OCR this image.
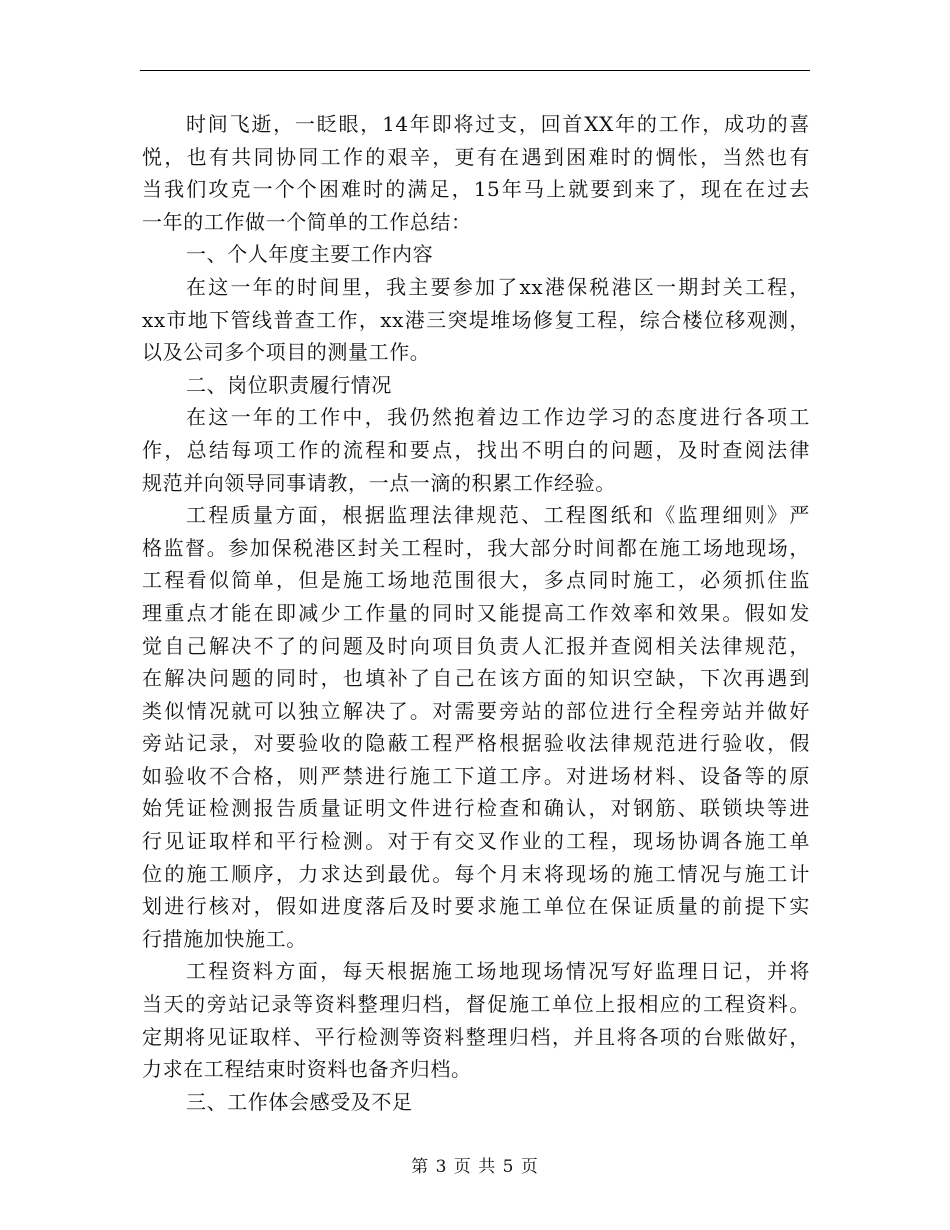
时间飞逝，一眨眼，14年即将过支，回首XX年的工作，成功的喜
悦，也有共同协同工作的艰辛，更有在遇到困难时的惆怅，当然也有
当我们攻克一个个困难时的满足，15年马上就要到来了，现在在过去
一年的工作做一个简单的工作总结：
一、个人年度主要工作内容
在这一年的时间里，我主要参加了xx港保税港区一期封关工程，
xx市地下管线普查工作，xx港三突堤堆场修复工程，综合楼位移观测，
以及公司多个项目的测量工作。
二、岗位职责履行情况
在这一年的工作中，我仍然抱着边工作边学习的态度进行各项工
作，总结每项工作的流程和要点，找出不明白的问题，及时查阅法律
规范并向领导同事请教，一点一滴的积累工作经验。
工程质量方面，根据监理法律规范、工程图纸和《监理细则》严
格监督。参加保税港区封关工程时，我大部分时间都在施工场地现场，
工程看似简单，但是施工场地范围很大，多点同时施工，必须抓住监
理重点才能在即减少工作量的同时又能提高工作效率和效果。假如发
觉自己解决不了的问题及时向项目负责人汇报并查阅相关法律规范，
在解决问题的同时，也填补了自己在该方面的知识空缺，下次再遇到
类似情况就可以独立解决了。对需要旁站的部位进行全程旁站并做好
旁站记录，对要验收的隐蔽工程严格根据验收法律规范进行验收，假
如验收不合格，则严禁进行施工下道工序。对进场材料、设备等的原
始凭证检测报告质量证明文件进行检查和确认，对钢筋、联锁块等进
行见证取样和平行检测。对于有交叉作业的工程，现场协调各施工单
位的施工顺序，力求达到最优。每个月末将现场的施工情况与施工计
划进行核对，假如进度落后及时要求施工单位在保证质量的前提下实
行措施加快施工。
工程资料方面，每天根据施工场地现场情况写好监理日记，并将
当天的旁站记录等资料整理归档，督促施工单位上报相应的工程资料。
定期将见证取样、平行检测等资料整理归档，并且将各项的台账做好，
力求在工程结束时资料也备齐归档。
三、工作体会感受及不足
第 3 页 共 5 页
